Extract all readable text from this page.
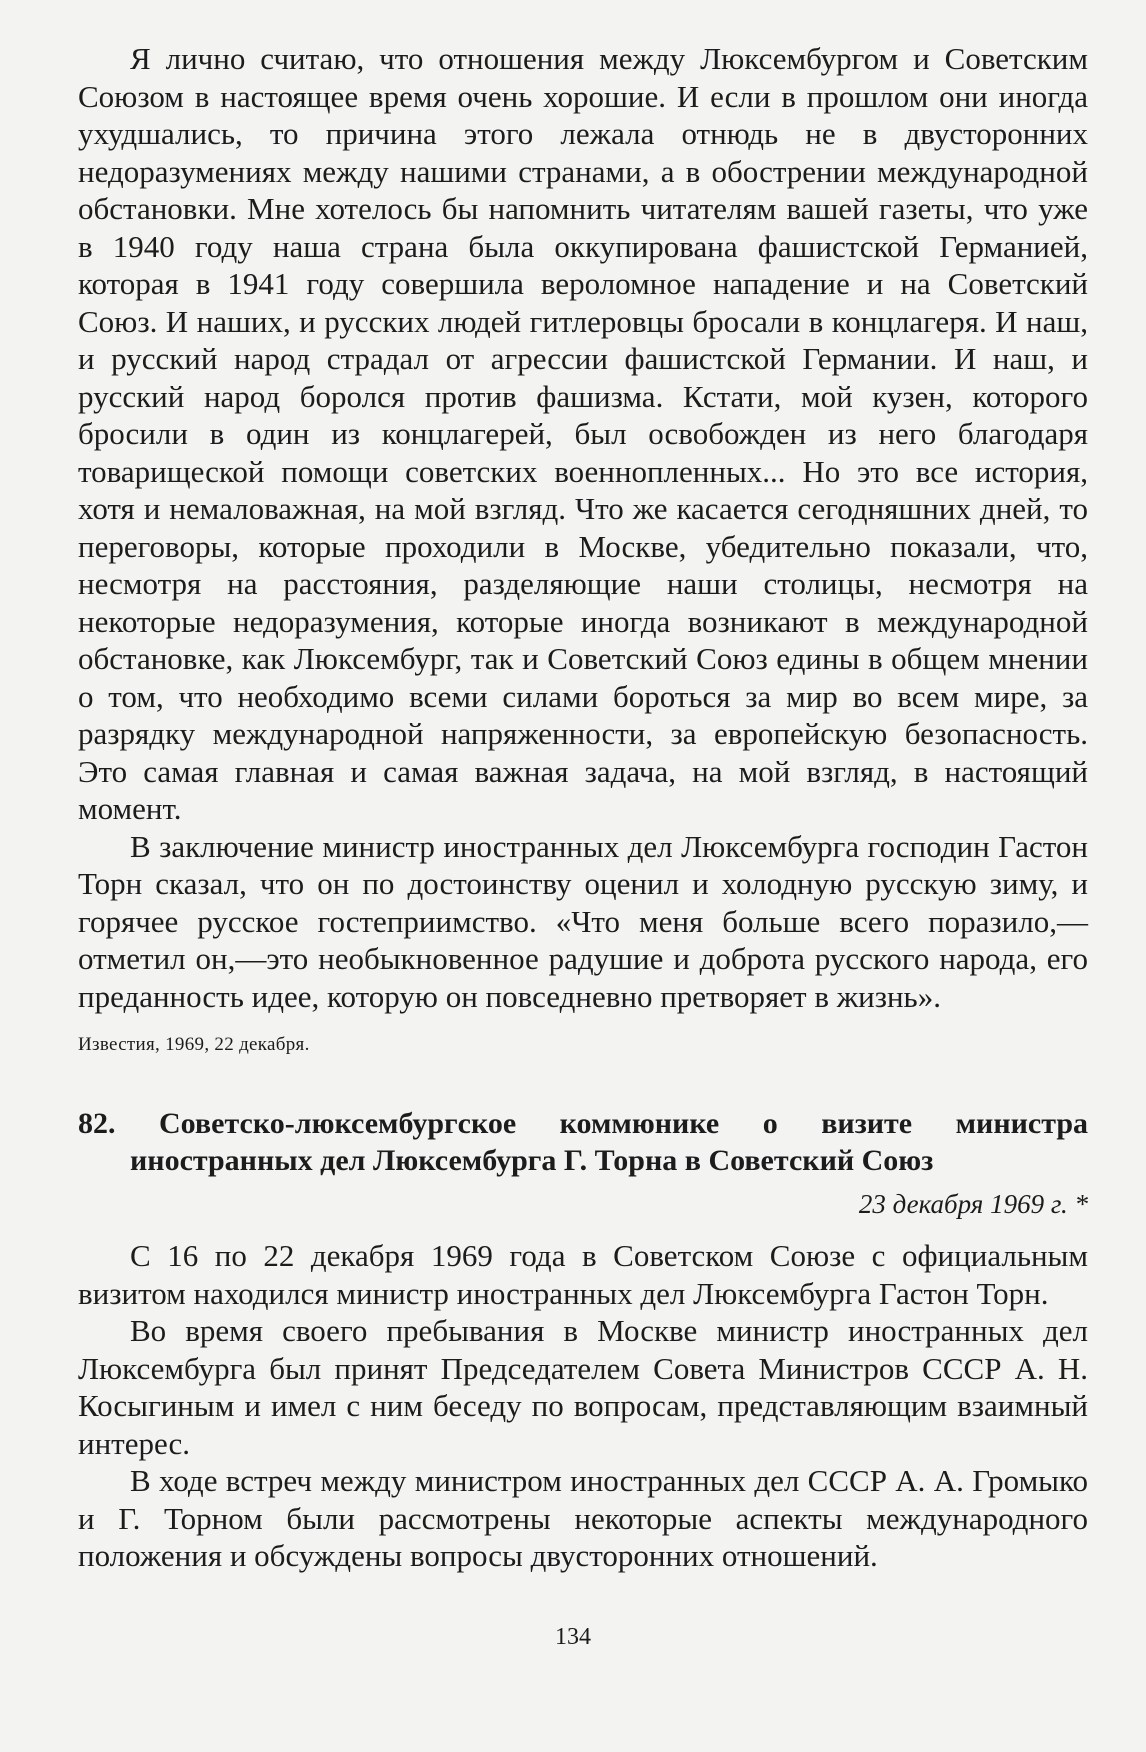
Я лично считаю, что отношения между Люксембургом и Советским Союзом в настоящее время очень хорошие. И если в прошлом они иногда ухудшались, то причина этого лежала отнюдь не в двусторонних недоразумениях между нашими странами, а в обострении международной обстановки. Мне хотелось бы напомнить читателям вашей газеты, что уже в 1940 году наша страна была оккупирована фашистской Германией, которая в 1941 году совершила вероломное нападение и на Советский Союз. И наших, и русских людей гитлеровцы бросали в концлагеря. И наш, и русский народ страдал от агрессии фашистской Германии. И наш, и русский народ боролся против фашизма. Кстати, мой кузен, которого бросили в один из концлагерей, был освобожден из него благодаря товарищеской помощи советских военнопленных... Но это все история, хотя и немаловажная, на мой взгляд. Что же касается сегодняшних дней, то переговоры, которые проходили в Москве, убедительно показали, что, несмотря на расстояния, разделяющие наши столицы, несмотря на некоторые недоразумения, которые иногда возникают в международной обстановке, как Люксембург, так и Советский Союз едины в общем мнении о том, что необходимо всеми силами бороться за мир во всем мире, за разрядку международной напряженности, за европейскую безопасность. Это самая главная и самая важная задача, на мой взгляд, в настоящий момент.

В заключение министр иностранных дел Люксембурга господин Гастон Торн сказал, что он по достоинству оценил и холодную русскую зиму, и горячее русское гостеприимство. «Что меня больше всего поразило,—отметил он,—это необыкновенное радушие и доброта русского народа, его преданность идее, которую он повседневно претворяет в жизнь».

Известия, 1969, 22 декабря.

82. Советско-люксембургское коммюнике о визите министра иностранных дел Люксембурга Г. Торна в Советский Союз
23 декабря 1969 г. *

С 16 по 22 декабря 1969 года в Советском Союзе с официальным визитом находился министр иностранных дел Люксембурга Гастон Торн.

Во время своего пребывания в Москве министр иностранных дел Люксембурга был принят Председателем Совета Министров СССР А. Н. Косыгиным и имел с ним беседу по вопросам, представляющим взаимный интерес.

В ходе встреч между министром иностранных дел СССР А. А. Громыко и Г. Торном были рассмотрены некоторые аспекты международного положения и обсуждены вопросы двусторонних отношений.

134
